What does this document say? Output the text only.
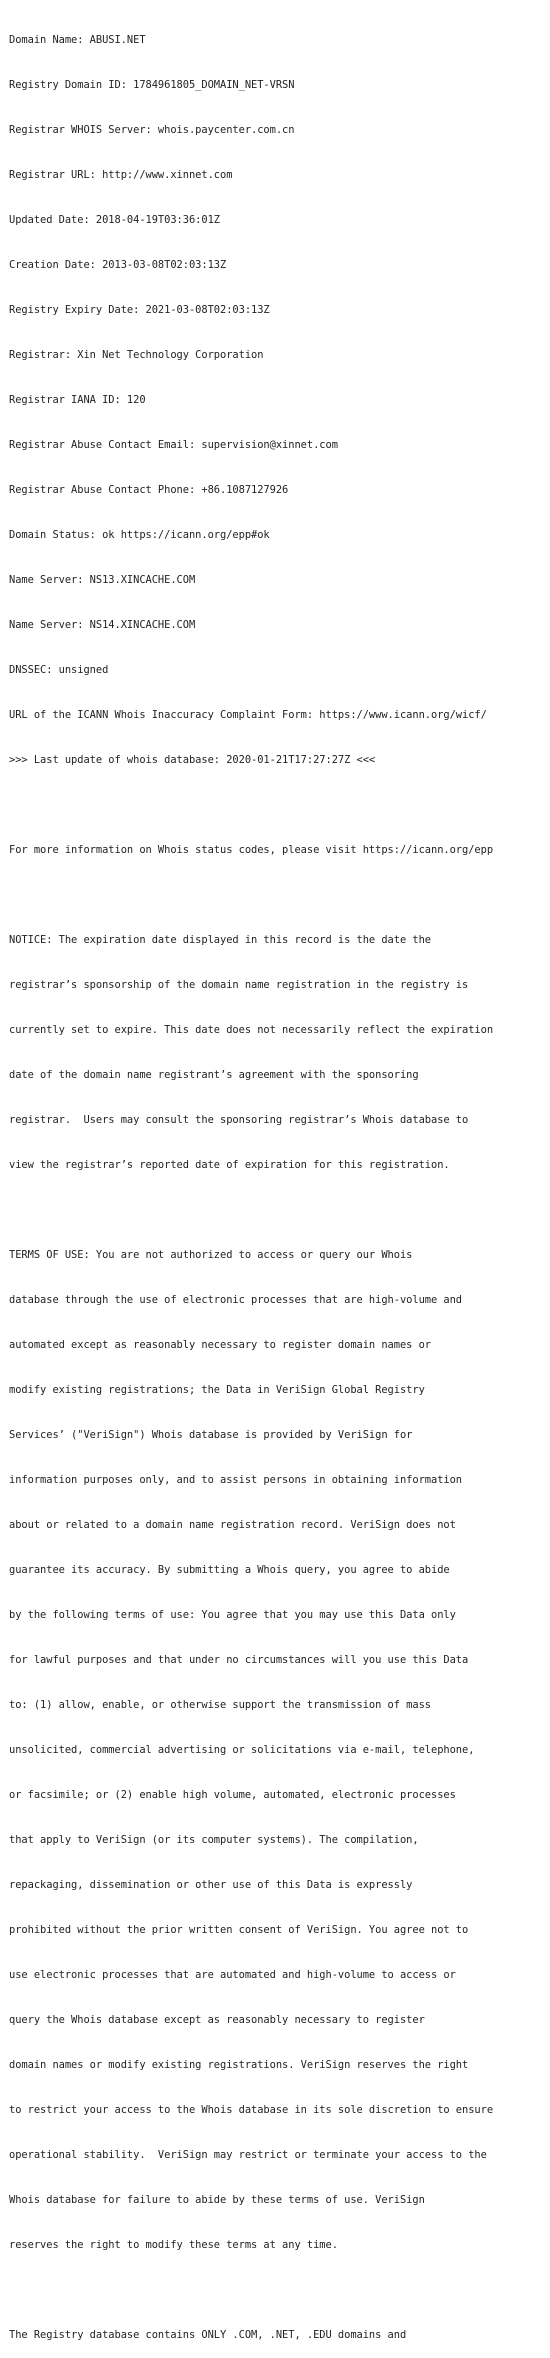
Domain Name: ABUSI.NET

Registry Domain ID: 1784961805_DOMAIN_NET-VRSN

Registrar WHOIS Server: whois.paycenter.com.cn

Registrar URL: http://www.xinnet.com

Updated Date: 2018-04-19T03:36:01Z

Creation Date: 2013-03-08T02:03:13Z

Registry Expiry Date: 2021-03-08T02:03:13Z

Registrar: Xin Net Technology Corporation

Registrar IANA ID: 120

Registrar Abuse Contact Email: supervision@xinnet.com

Registrar Abuse Contact Phone: +86.1087127926

Domain Status: ok https://icann.org/epp#ok

Name Server: NS13.XINCACHE.COM

Name Server: NS14.XINCACHE.COM

DNSSEC: unsigned

URL of the ICANN Whois Inaccuracy Complaint Form: https://www.icann.org/wicf/

>>> Last update of whois database: 2020-01-21T17:27:27Z <<<

For more information on Whois status codes, please visit https://icann.org/epp

NOTICE: The expiration date displayed in this record is the date the

registrar’s sponsorship of the domain name registration in the registry is

currently set to expire. This date does not necessarily reflect the expiration

date of the domain name registrant’s agreement with the sponsoring

registrar.  Users may consult the sponsoring registrar’s Whois database to

view the registrar’s reported date of expiration for this registration.

TERMS OF USE: You are not authorized to access or query our Whois

database through the use of electronic processes that are high-volume and

automated except as reasonably necessary to register domain names or

modify existing registrations; the Data in VeriSign Global Registry

Services’ ("VeriSign") Whois database is provided by VeriSign for

information purposes only, and to assist persons in obtaining information

about or related to a domain name registration record. VeriSign does not

guarantee its accuracy. By submitting a Whois query, you agree to abide

by the following terms of use: You agree that you may use this Data only

for lawful purposes and that under no circumstances will you use this Data

to: (1) allow, enable, or otherwise support the transmission of mass

unsolicited, commercial advertising or solicitations via e-mail, telephone,

or facsimile; or (2) enable high volume, automated, electronic processes

that apply to VeriSign (or its computer systems). The compilation,

repackaging, dissemination or other use of this Data is expressly

prohibited without the prior written consent of VeriSign. You agree not to

use electronic processes that are automated and high-volume to access or

query the Whois database except as reasonably necessary to register

domain names or modify existing registrations. VeriSign reserves the right

to restrict your access to the Whois database in its sole discretion to ensure

operational stability.  VeriSign may restrict or terminate your access to the

Whois database for failure to abide by these terms of use. VeriSign

reserves the right to modify these terms at any time.

The Registry database contains ONLY .COM, .NET, .EDU domains and
